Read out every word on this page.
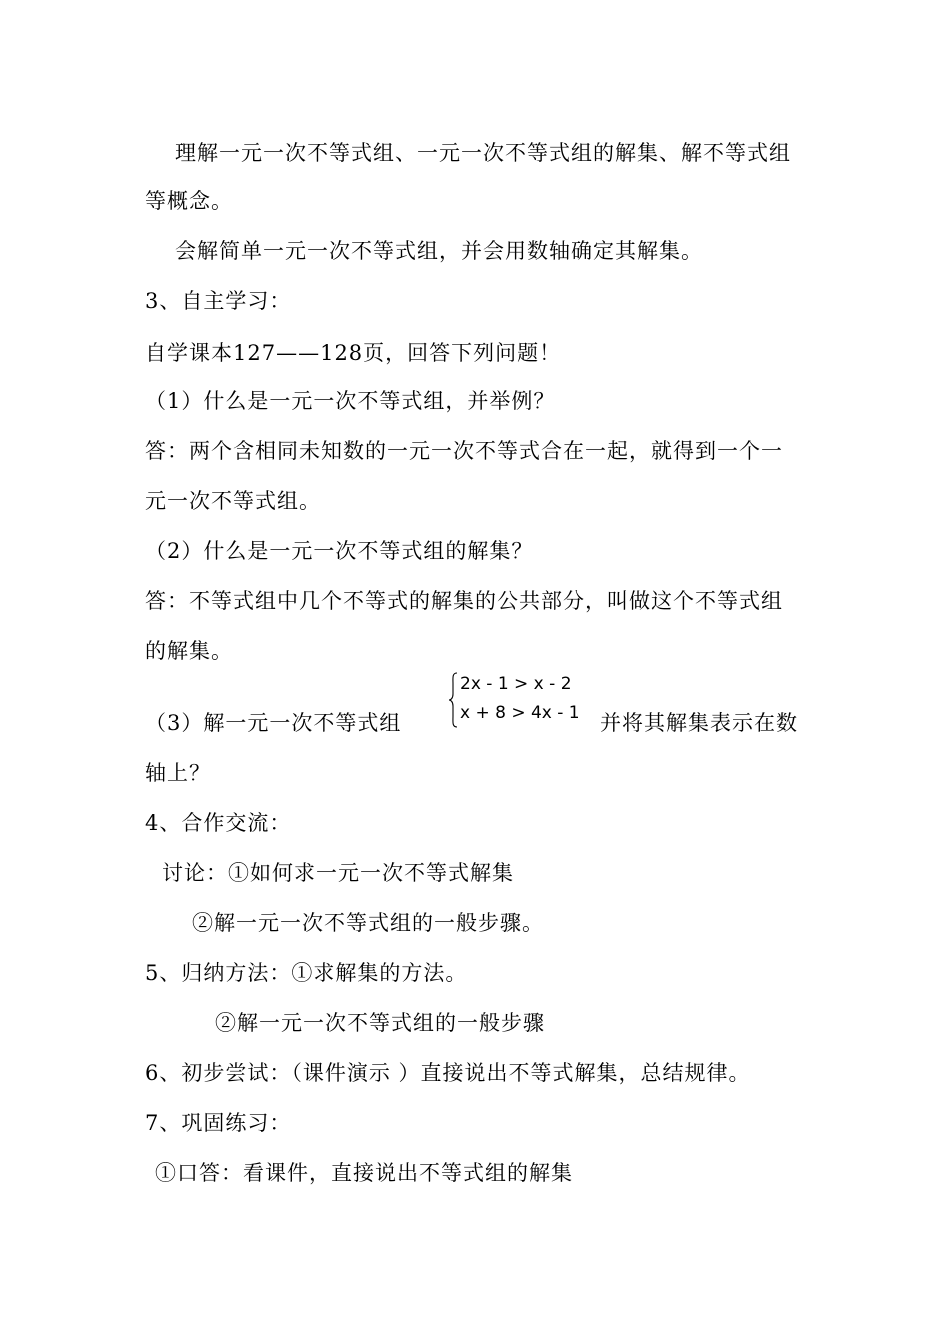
理解一元一次不等式组、一元一次不等式组的解集、解不等式组
等概念。
会解简单一元一次不等式组，并会用数轴确定其解集。
3、自主学习：
自学课本127——128页，回答下列问题！
（1）什么是一元一次不等式组，并举例？
答：两个含相同未知数的一元一次不等式合在一起，就得到一个一
元一次不等式组。
（2）什么是一元一次不等式组的解集？
答：不等式组中几个不等式的解集的公共部分，叫做这个不等式组
的解集。
（3）解一元一次不等式组
2x - 1 > x - 2
x + 8 > 4x - 1 并将其解集表示在数
轴上？
4、合作交流：
讨论：①如何求一元一次不等式解集
②解一元一次不等式组的一般步骤。
5、归纳方法：①求解集的方法。
②解一元一次不等式组的一般步骤
6、初步尝试：（课件演示 ）直接说出不等式解集，总结规律。
7、巩固练习：
①口答：看课件，直接说出不等式组的解集
